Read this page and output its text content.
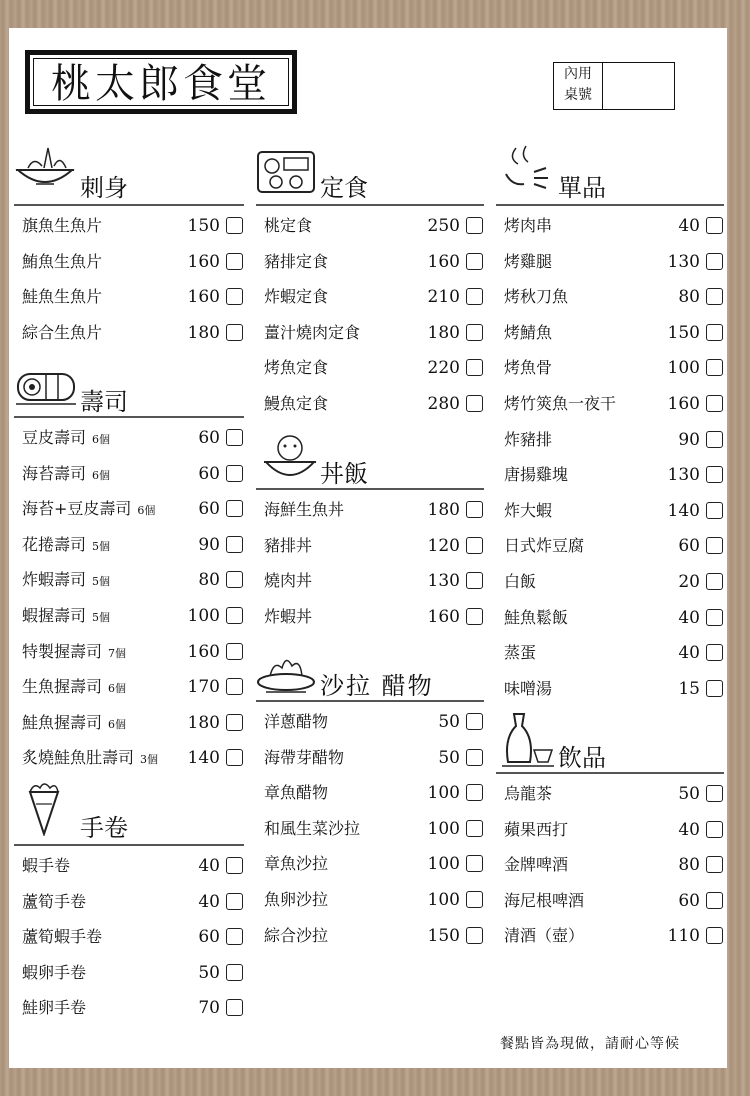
桃太郎食堂	內用
桌號
刺身
旗魚生魚片	150
鮪魚生魚片	160
鮭魚生魚片	160
綜合生魚片	180
壽司
豆皮壽司 6個	60
海苔壽司 6個	60
海苔+豆皮壽司 6個	60
花捲壽司 5個	90
炸蝦壽司 5個	80
蝦握壽司 5個	100
特製握壽司 7個	160
生魚握壽司 6個	170
鮭魚握壽司 6個	180
炙燒鮭魚肚壽司 3個 140
手卷
蝦手卷	40
蘆筍手卷	40
蘆筍蝦手卷	60
蝦卵手卷	50
鮭卵手卷	70
定食
桃定食	250
豬排定食	160
炸蝦定食	210
薑汁燒肉定食	180
烤魚定食	220
鰻魚定食	280
丼飯
海鮮生魚丼	180
豬排丼	120
燒肉丼	130
炸蝦丼	160
沙拉 醋物
洋蔥醋物	50
海帶芽醋物	50
章魚醋物	100
和風生菜沙拉	100
章魚沙拉	100
魚卵沙拉	100
綜合沙拉	150
單品
烤肉串	40
烤雞腿	130
烤秋刀魚	80
烤鯖魚	150
烤魚骨	100
烤竹筴魚一夜干	160
炸豬排	90
唐揚雞塊	130
炸大蝦	140
日式炸豆腐	60
白飯	20
鮭魚鬆飯	40
蒸蛋	40
味噌湯	15
飲品
烏龍茶	50
蘋果西打	40
金牌啤酒	80
海尼根啤酒	60
清酒（壺）	110
餐點皆為現做，請耐心等候
